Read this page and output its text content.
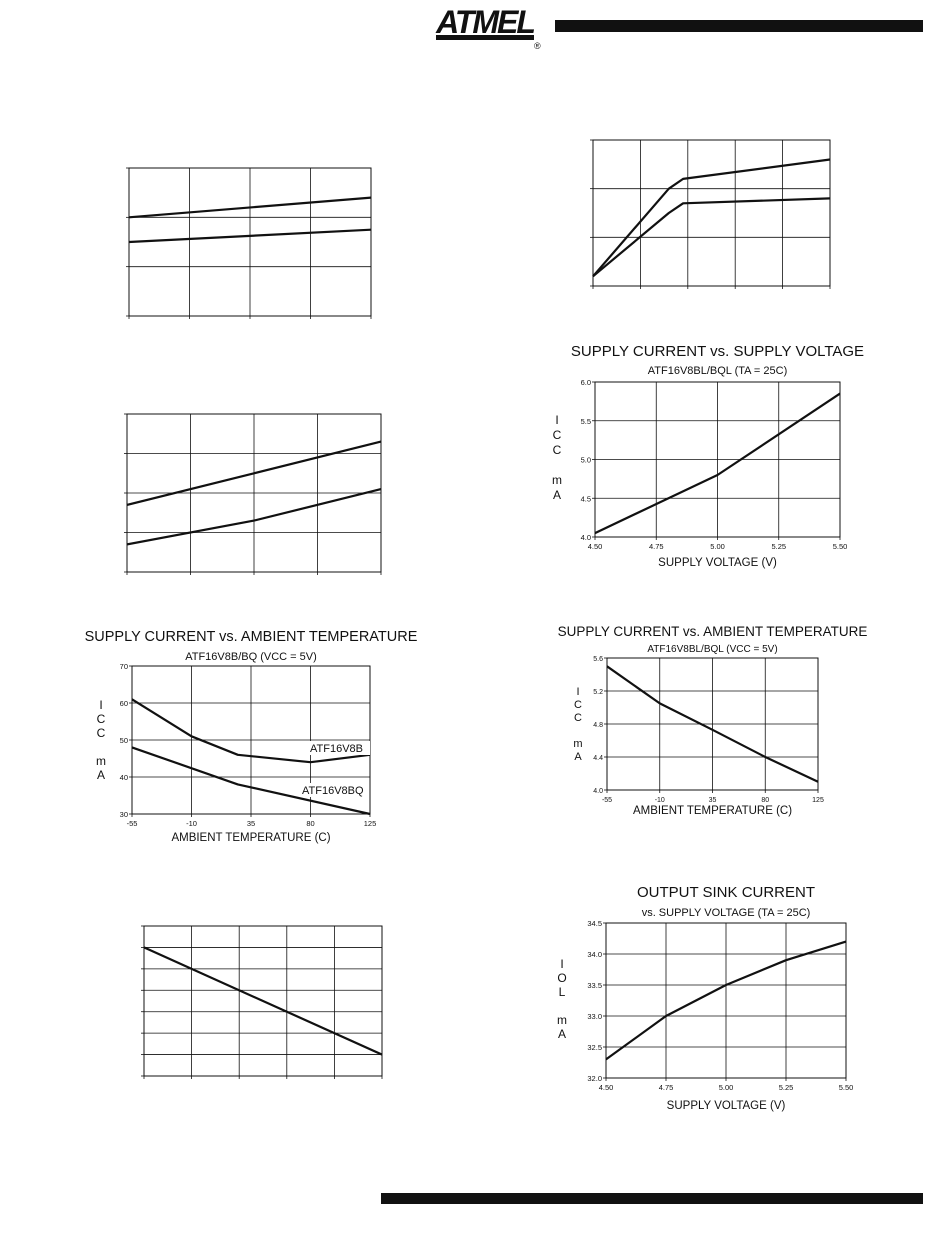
ATMEL
®
4.50	4.75	5.00	5.25	5.50
4.0
4.5
5.0
5.5
6.0
SUPPLY CURRENT vs. SUPPLY VOLTAGE
ATF16V8BL/BQL (TA = 25C)
SUPPLY VOLTAGE (V)
I
C
C
m
A
-55	-10	35	80	125
30
40
50
60
70
SUPPLY CURRENT vs. AMBIENT TEMPERATURE
ATF16V8B/BQ (VCC = 5V)
AMBIENT TEMPERATURE (C)
I
C
C
m
A
ATF16V8B
ATF16V8BQ
-55	-10	35	80	125
4.0
4.4
4.8
5.2
5.6
SUPPLY CURRENT vs. AMBIENT TEMPERATURE
ATF16V8BL/BQL (VCC = 5V)
AMBIENT TEMPERATURE (C)
I
C
C
m
A
4.50	4.75	5.00	5.25	5.50
32.0
32.5
33.0
33.5
34.0
34.5
OUTPUT SINK CURRENT
vs. SUPPLY VOLTAGE (TA = 25C)
SUPPLY VOLTAGE (V)
I
O
L
m
A
